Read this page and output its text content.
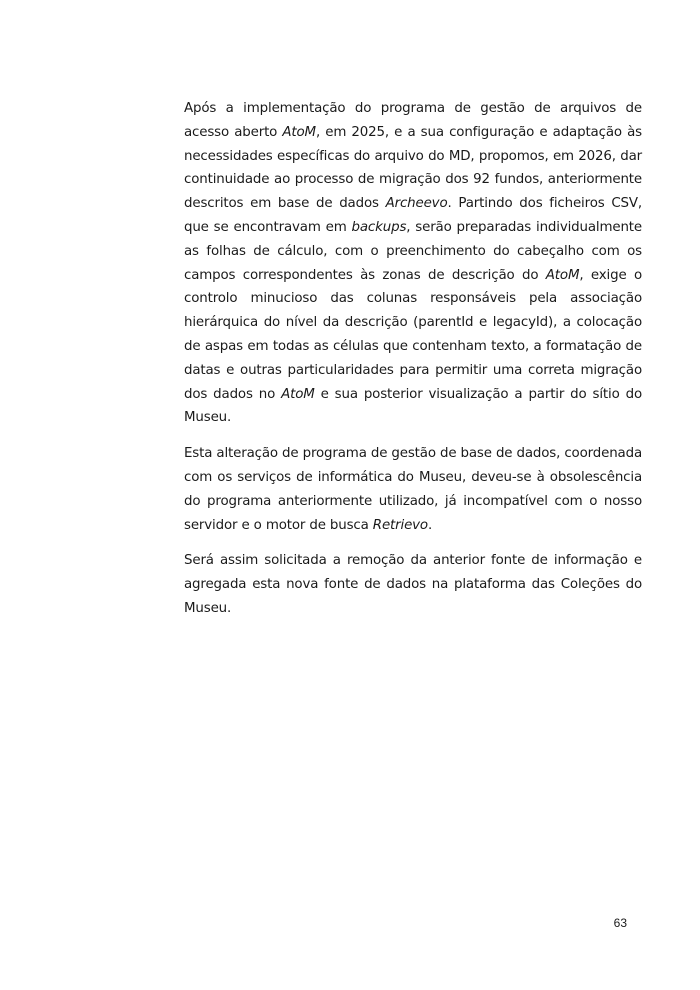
Após a implementação do programa de gestão de arquivos de acesso aberto AtoM, em 2025, e a sua configuração e adaptação às necessidades específicas do arquivo do MD, propomos, em 2026, dar continuidade ao processo de migração dos 92 fundos, anteriormente descritos em base de dados Archeevo. Partindo dos ficheiros CSV, que se encontravam em backups, serão preparadas individualmente as folhas de cálculo, com o preenchimento do cabeçalho com os campos correspondentes às zonas de descrição do AtoM, exige o controlo minucioso das colunas responsáveis pela associação hierárquica do nível da descrição (parentId e legacyId), a colocação de aspas em todas as células que contenham texto, a formatação de datas e outras particularidades para permitir uma correta migração dos dados no AtoM e sua posterior visualização a partir do sítio do Museu.

Esta alteração de programa de gestão de base de dados, coordenada com os serviços de informática do Museu, deveu-se à obsolescência do programa anteriormente utilizado, já incompatível com o nosso servidor e o motor de busca Retrievo.

Será assim solicitada a remoção da anterior fonte de informação e agregada esta nova fonte de dados na plataforma das Coleções do Museu.

63
